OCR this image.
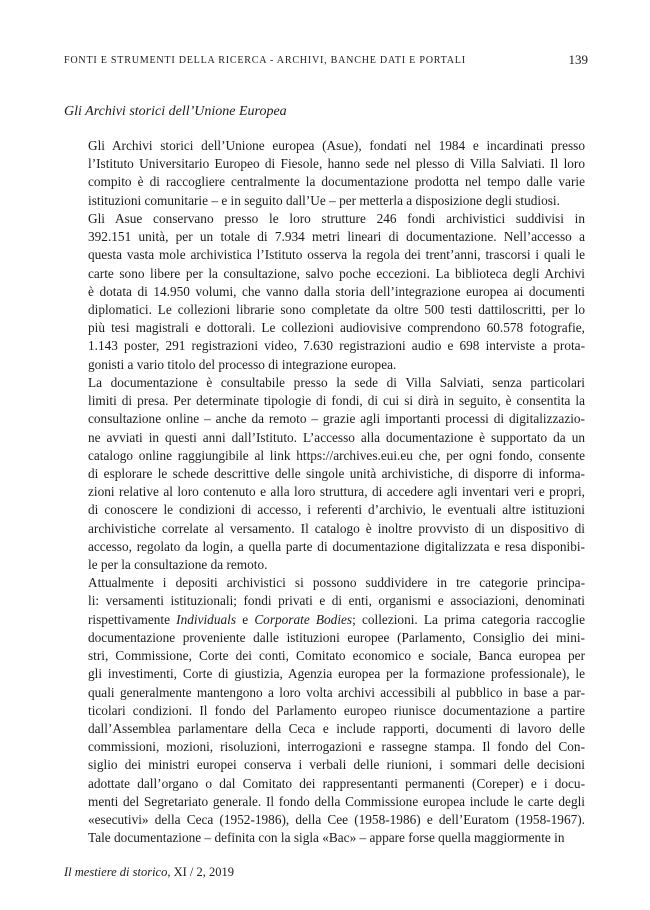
FONTI E STRUMENTI DELLA RICERCA - ARCHIVI, BANCHE DATI E PORTALI	139
Gli Archivi storici dell’Unione Europea

Gli Archivi storici dell’Unione europea (Asue), fondati nel 1984 e incardinati presso
l’Istituto Universitario Europeo di Fiesole, hanno sede nel plesso di Villa Salviati. Il loro
compito è di raccogliere centralmente la documentazione prodotta nel tempo dalle varie
istituzioni comunitarie – e in seguito dall’Ue – per metterla a disposizione degli studiosi.

Gli Asue conservano presso le loro strutture 246 fondi archivistici suddivisi in
392.151 unità, per un totale di 7.934 metri lineari di documentazione. Nell’accesso a
questa vasta mole archivistica l’Istituto osserva la regola dei trent’anni, trascorsi i quali le
carte sono libere per la consultazione, salvo poche eccezioni. La biblioteca degli Archivi
è dotata di 14.950 volumi, che vanno dalla storia dell’integrazione europea ai documenti
diplomatici. Le collezioni librarie sono completate da oltre 500 testi dattiloscritti, per lo
più tesi magistrali e dottorali. Le collezioni audiovisive comprendono 60.578 fotografie,
1.143 poster, 291 registrazioni video, 7.630 registrazioni audio e 698 interviste a prota-
gonisti a vario titolo del processo di integrazione europea.

La documentazione è consultabile presso la sede di Villa Salviati, senza particolari
limiti di presa. Per determinate tipologie di fondi, di cui si dirà in seguito, è consentita la
consultazione online – anche da remoto – grazie agli importanti processi di digitalizzazio-
ne avviati in questi anni dall’Istituto. L’accesso alla documentazione è supportato da un
catalogo online raggiungibile al link https://archives.eui.eu che, per ogni fondo, consente
di esplorare le schede descrittive delle singole unità archivistiche, di disporre di informa-
zioni relative al loro contenuto e alla loro struttura, di accedere agli inventari veri e propri,
di conoscere le condizioni di accesso, i referenti d’archivio, le eventuali altre istituzioni
archivistiche correlate al versamento. Il catalogo è inoltre provvisto di un dispositivo di
accesso, regolato da login, a quella parte di documentazione digitalizzata e resa disponibi-
le per la consultazione da remoto.

Attualmente i depositi archivistici si possono suddividere in tre categorie principa-
li: versamenti istituzionali; fondi privati e di enti, organismi e associazioni, denominati
rispettivamente Individuals e Corporate Bodies; collezioni. La prima categoria raccoglie
documentazione proveniente dalle istituzioni europee (Parlamento, Consiglio dei mini-
stri, Commissione, Corte dei conti, Comitato economico e sociale, Banca europea per
gli investimenti, Corte di giustizia, Agenzia europea per la formazione professionale), le
quali generalmente mantengono a loro volta archivi accessibili al pubblico in base a par-
ticolari condizioni. Il fondo del Parlamento europeo riunisce documentazione a partire
dall’Assemblea parlamentare della Ceca e include rapporti, documenti di lavoro delle
commissioni, mozioni, risoluzioni, interrogazioni e rassegne stampa. Il fondo del Con-
siglio dei ministri europei conserva i verbali delle riunioni, i sommari delle decisioni
adottate dall’organo o dal Comitato dei rappresentanti permanenti (Coreper) e i docu-
menti del Segretariato generale. Il fondo della Commissione europea include le carte degli
«esecutivi» della Ceca (1952-1986), della Cee (1958-1986) e dell’Euratom (1958-1967).
Tale documentazione – definita con la sigla «Bac» – appare forse quella maggiormente in

Il mestiere di storico, XI / 2, 2019
